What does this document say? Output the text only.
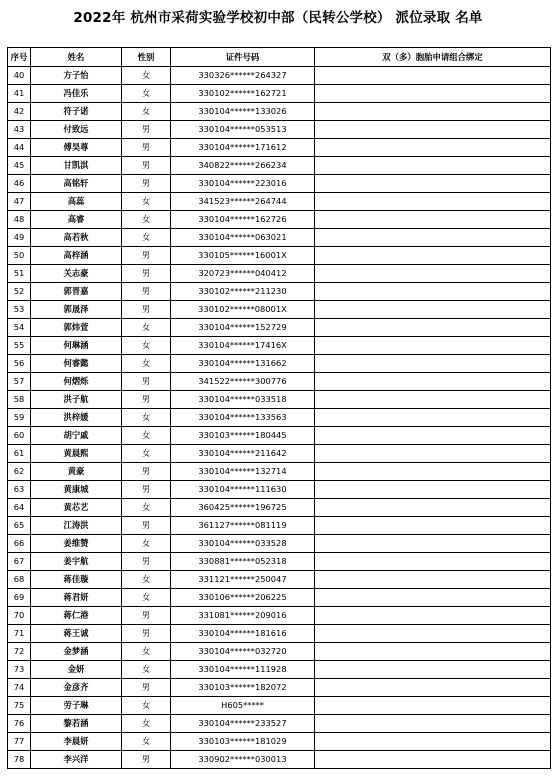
2022年 杭州市采荷实验学校初中部（民转公学校） 派位录取 名单
序号	姓名	性别	证件号码	双（多）胞胎申请组合绑定
40	方子怡	女	330326******264327	
41	冯佳乐	女	330102******162721	
42	符子诺	女	330104******133026	
43	付致远	男	330104******053513	
44	傅昊尊	男	330104******171612	
45	甘凯淇	男	340822******266234	
46	高铭轩	男	330104******223016	
47	高蕊	女	341523******264744	
48	高睿	女	330104******162726	
49	高若秋	女	330104******063021	
50	高梓涵	男	330105******16001X	
51	关志豪	男	320723******040412	
52	郭晋嘉	男	330102******211230	
53	郭晟泽	男	330102******08001X	
54	郭炜萱	女	330104******152729	
55	何琳涵	女	330104******17416X	
56	何睿懿	女	330104******131662	
57	何熠烁	男	341522******300776	
58	洪子航	男	330104******033518	
59	洪梓媛	女	330104******133563	
60	胡宁戚	女	330103******180445	
61	黄晨熙	女	330104******211642	
62	黄豪	男	330104******132714	
63	黄康城	男	330104******111630	
64	黄芯艺	女	360425******196725	
65	江涛洪	男	361127******081119	
66	姜维赞	女	330104******033528	
67	姜宇航	男	330881******052318	
68	蒋佳璇	女	331121******250047	
69	蒋君妍	女	330106******206225	
70	蒋仁港	男	331081******209016	
71	蒋王诚	男	330104******181616	
72	金梦涵	女	330104******032720	
73	金妍	女	330104******111928	
74	金彦齐	男	330103******182072	
75	劳子琳	女	H605*****	
76	黎若涵	女	330104******233527	
77	李晨妍	女	330103******181029	
78	李兴洋	男	330902******030013	
